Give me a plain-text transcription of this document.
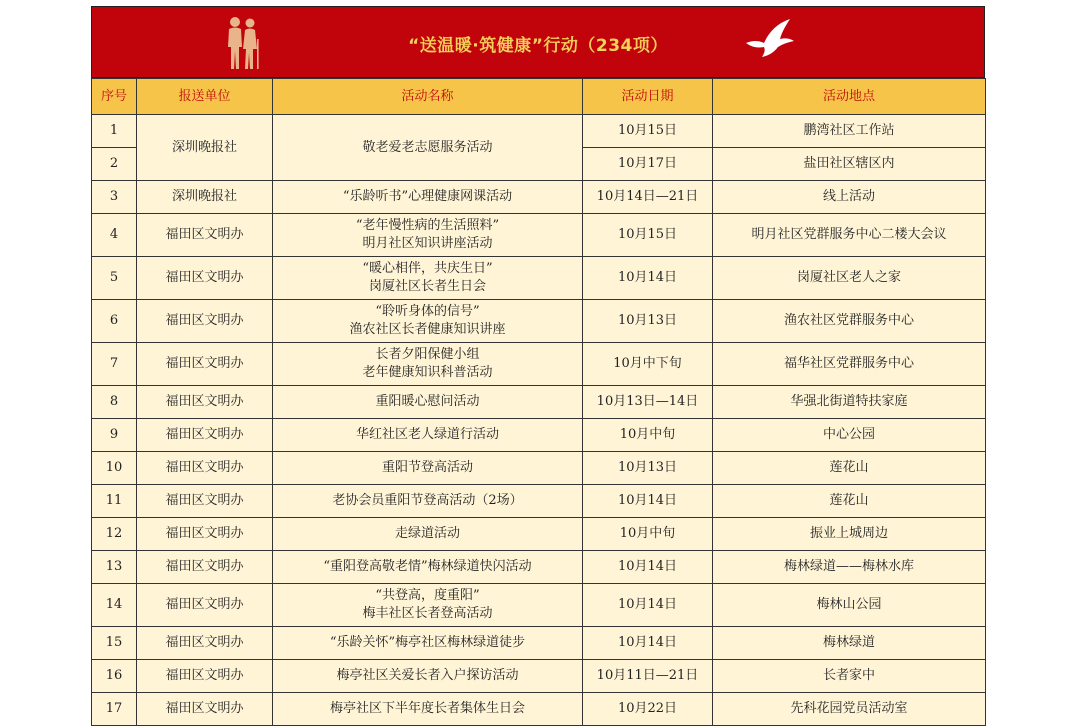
“送温暖·筑健康”行动（234项）
序号	报送单位	活动名称	活动日期	活动地点
1	深圳晚报社	敬老爱老志愿服务活动	10月15日	鹏湾社区工作站
2			10月17日	盐田社区辖区内
3	深圳晚报社	“乐龄听书”心理健康网课活动	10月14日—21日	线上活动
4	福田区文明办	“老年慢性病的生活照料”
明月社区知识讲座活动	10月15日	明月社区党群服务中心二楼大会议
5	福田区文明办	“暖心相伴，共庆生日”
岗厦社区长者生日会	10月14日	岗厦社区老人之家
6	福田区文明办	“聆听身体的信号”
渔农社区长者健康知识讲座	10月13日	渔农社区党群服务中心
7	福田区文明办	长者夕阳保健小组
老年健康知识科普活动	10月中下旬	福华社区党群服务中心
8	福田区文明办	重阳暖心慰问活动	10月13日—14日	华强北街道特扶家庭
9	福田区文明办	华红社区老人绿道行活动	10月中旬	中心公园
10	福田区文明办	重阳节登高活动	10月13日	莲花山
11	福田区文明办	老协会员重阳节登高活动（2场）	10月14日	莲花山
12	福田区文明办	走绿道活动	10月中旬	振业上城周边
13	福田区文明办	“重阳登高敬老情”梅林绿道快闪活动	10月14日	梅林绿道——梅林水库
14	福田区文明办	“共登高，度重阳”
梅丰社区长者登高活动	10月14日	梅林山公园
15	福田区文明办	“乐龄关怀”梅亭社区梅林绿道徒步	10月14日	梅林绿道
16	福田区文明办	梅亭社区关爱长者入户探访活动	10月11日—21日	长者家中
17	福田区文明办	梅亭社区下半年度长者集体生日会	10月22日	先科花园党员活动室
